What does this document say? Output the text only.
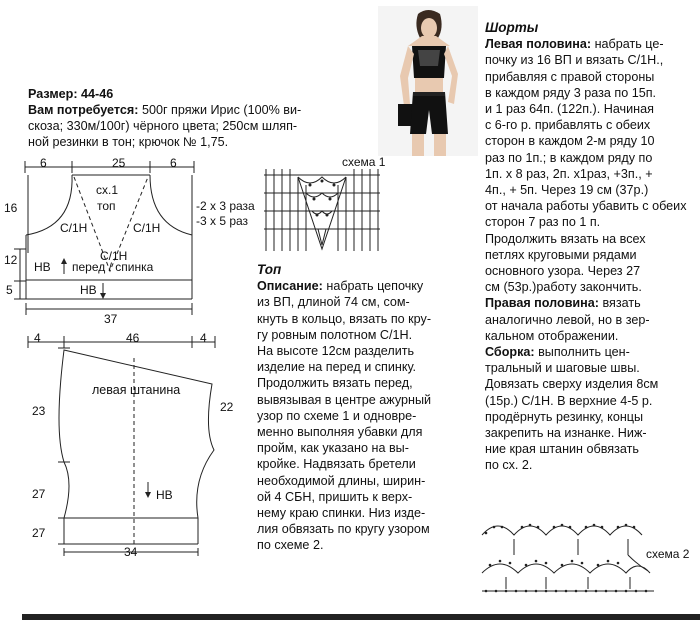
Размер: 44-46
Вам потребуется: 500г пряжи Ирис (100% ви-
скоза; 330м/100г) чёрного цвета; 250см шляп-
ной резинки в тон; крючок № 1,75.
6	25	6
16
12
5
37
сх.1
топ
С/1Н	С/1Н
С/1Н
-2 х 3 раза
-3 х 5 раз
НВ перед / спинка
НВ
4	46	4
23	22
27
27
34
левая штанина
НВ
схема 1
Топ
Описание: набрать цепочку
из ВП, длиной 74 см, сом-
кнуть в кольцо, вязать по кру-
гу ровным полотном С/1Н.
На высоте 12см разделить
изделие на перед и спинку.
Продолжить вязать перед,
вывязывая в центре ажурный
узор по схеме 1 и одновре-
менно выполняя убавки для
пройм, как указано на вы-
кройке. Надвязать бретели
необходимой длины, ширин-
ой 4 СБН, пришить к верх-
нему краю спинки. Низ изде-
лия обвязать по кругу узором
по схеме 2.
Шорты
Левая половина: набрать це-
почку из 16 ВП и вязать С/1Н.,
прибавляя с правой стороны
в каждом ряду 3 раза по 15п.
и 1 раз 64п. (122п.). Начиная
с 6-го р. прибавлять с обеих
сторон в каждом 2-м ряду 10
раз по 1п.; в каждом ряду по
1п. х 8 раз, 2п. х1раз, +3п., +
4п., + 5п. Через 19 см (37р.)
от начала работы убавить с обеих
сторон 7 раз по 1 п.
Продолжить вязать на всех
петлях круговыми рядами
основного узора. Через 27
см (53р.)работу закончить.
Правая половина: вязать
аналогично левой, но в зер-
кальном отображении.
Сборка: выполнить цен-
тральный и шаговые швы.
Довязать сверху изделия 8см
(15р.) С/1Н. В верхние 4-5 р.
продёрнуть резинку, концы
закрепить на изнанке. Ниж-
ние края штанин обвязать
по сх. 2.
схема 2
